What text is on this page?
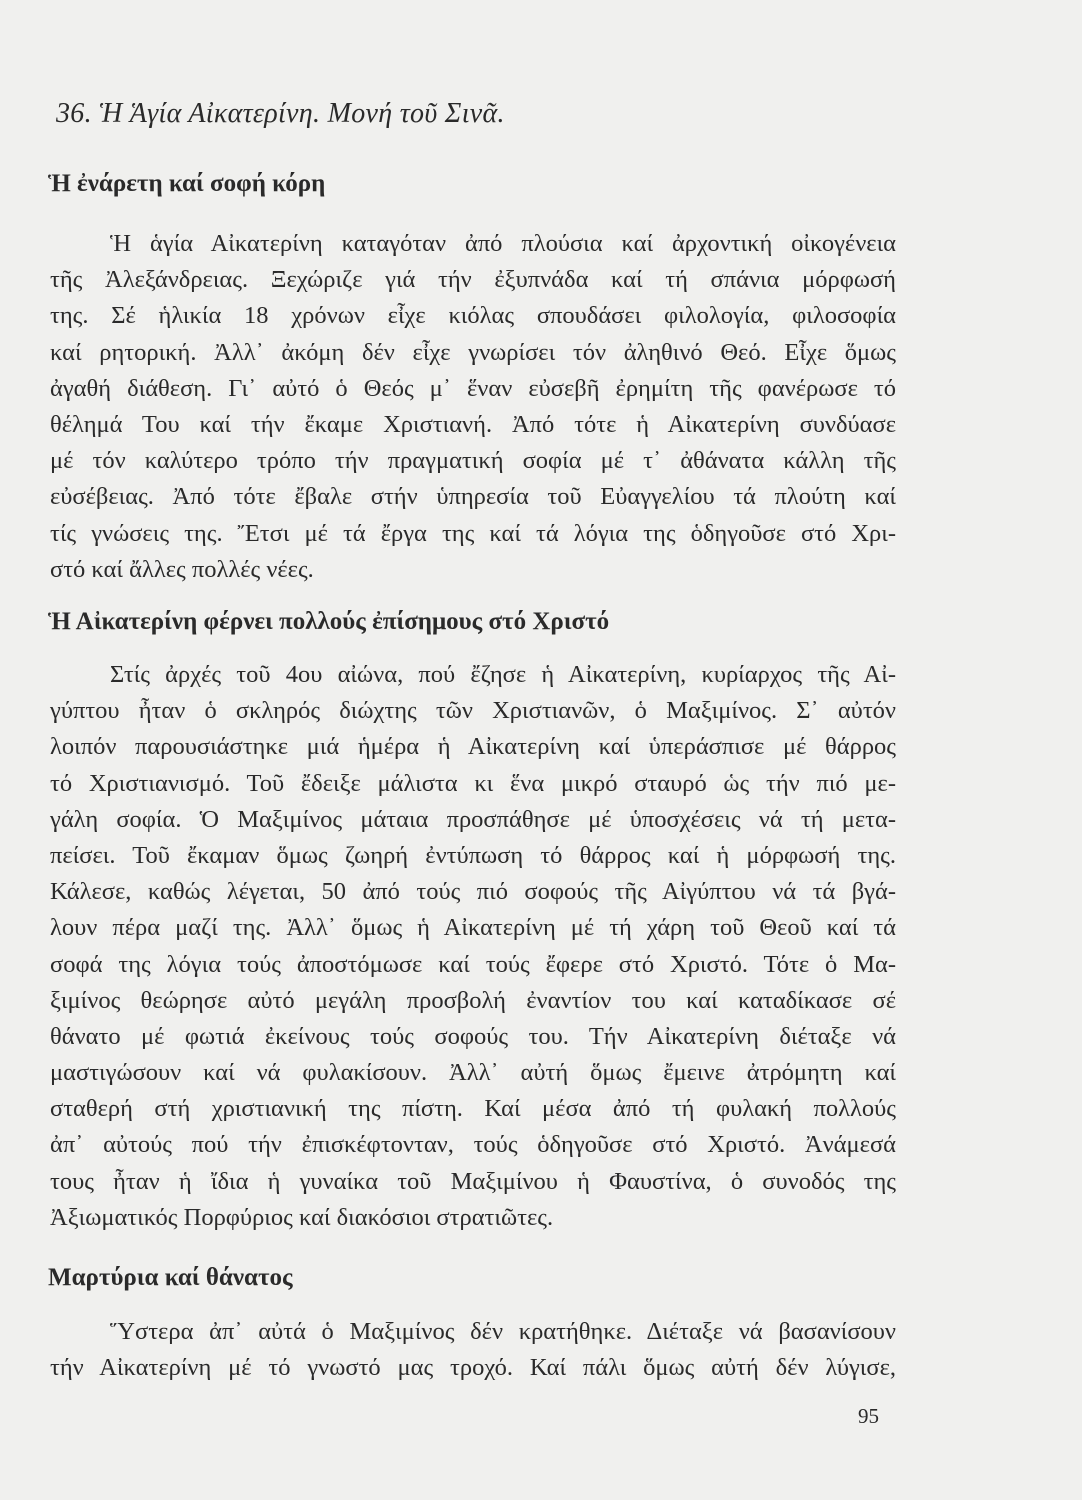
36. Ἡ Ἁγία Αἰκατερίνη. Μονή τοῦ Σινᾶ.
Ἡ ἐνάρετη καί σοφή κόρη
Ἡ ἁγία Αἰκατερίνη καταγόταν ἀπό πλούσια καί ἀρχοντική οἰκογένεια
τῆς Ἀλεξάνδρειας. Ξεχώριζε γιά τήν ἐξυπνάδα καί τή σπάνια μόρφωσή
της. Σέ ἡλικία 18 χρόνων εἶχε κιόλας σπουδάσει φιλολογία, φιλοσοφία
καί ρητορική. Ἀλλ᾽ ἀκόμη δέν εἶχε γνωρίσει τόν ἀληθινό Θεό. Εἶχε ὅμως
ἀγαθή διάθεση. Γι᾽ αὐτό ὁ Θεός μ᾽ ἕναν εὐσεβῆ ἐρημίτη τῆς φανέρωσε τό
θέλημά Του καί τήν ἔκαμε Χριστιανή. Ἀπό τότε ἡ Αἰκατερίνη συνδύασε
μέ τόν καλύτερο τρόπο τήν πραγματική σοφία μέ τ᾽ ἀθάνατα κάλλη τῆς
εὐσέβειας. Ἀπό τότε ἔβαλε στήν ὑπηρεσία τοῦ Εὐαγγελίου τά πλούτη καί
τίς γνώσεις της. Ἔτσι μέ τά ἔργα της καί τά λόγια της ὁδηγοῦσε στό Χρι-
στό καί ἄλλες πολλές νέες.
Ἡ Αἰκατερίνη φέρνει πολλούς ἐπίσημους στό Χριστό
Στίς ἀρχές τοῦ 4ου αἰώνα, πού ἔζησε ἡ Αἰκατερίνη, κυρίαρχος τῆς Αἰ-
γύπτου ἦταν ὁ σκληρός διώχτης τῶν Χριστιανῶν, ὁ Μαξιμίνος. Σ᾽ αὐτόν
λοιπόν παρουσιάστηκε μιά ἡμέρα ἡ Αἰκατερίνη καί ὑπεράσπισε μέ θάρρος
τό Χριστιανισμό. Τοῦ ἔδειξε μάλιστα κι ἕνα μικρό σταυρό ὡς τήν πιό με-
γάλη σοφία. Ὁ Μαξιμίνος μάταια προσπάθησε μέ ὑποσχέσεις νά τή μετα-
πείσει. Τοῦ ἔκαμαν ὅμως ζωηρή ἐντύπωση τό θάρρος καί ἡ μόρφωσή της.
Κάλεσε, καθώς λέγεται, 50 ἀπό τούς πιό σοφούς τῆς Αἰγύπτου νά τά βγά-
λουν πέρα μαζί της. Ἀλλ᾽ ὅμως ἡ Αἰκατερίνη μέ τή χάρη τοῦ Θεοῦ καί τά
σοφά της λόγια τούς ἀποστόμωσε καί τούς ἔφερε στό Χριστό. Τότε ὁ Μα-
ξιμίνος θεώρησε αὐτό μεγάλη προσβολή ἐναντίον του καί καταδίκασε σέ
θάνατο μέ φωτιά ἐκείνους τούς σοφούς του. Τήν Αἰκατερίνη διέταξε νά
μαστιγώσουν καί νά φυλακίσουν. Ἀλλ᾽ αὐτή ὅμως ἔμεινε ἀτρόμητη καί
σταθερή στή χριστιανική της πίστη. Καί μέσα ἀπό τή φυλακή πολλούς
ἀπ᾽ αὐτούς πού τήν ἐπισκέφτονταν, τούς ὁδηγοῦσε στό Χριστό. Ἀνάμεσά
τους ἦταν ἡ ἴδια ἡ γυναίκα τοῦ Μαξιμίνου ἡ Φαυστίνα, ὁ συνοδός της
Ἀξιωματικός Πορφύριος καί διακόσιοι στρατιῶτες.
Μαρτύρια καί θάνατος
Ὕστερα ἀπ᾽ αὐτά ὁ Μαξιμίνος δέν κρατήθηκε. Διέταξε νά βασανίσουν
τήν Αἰκατερίνη μέ τό γνωστό μας τροχό. Καί πάλι ὅμως αὐτή δέν λύγισε,
95
